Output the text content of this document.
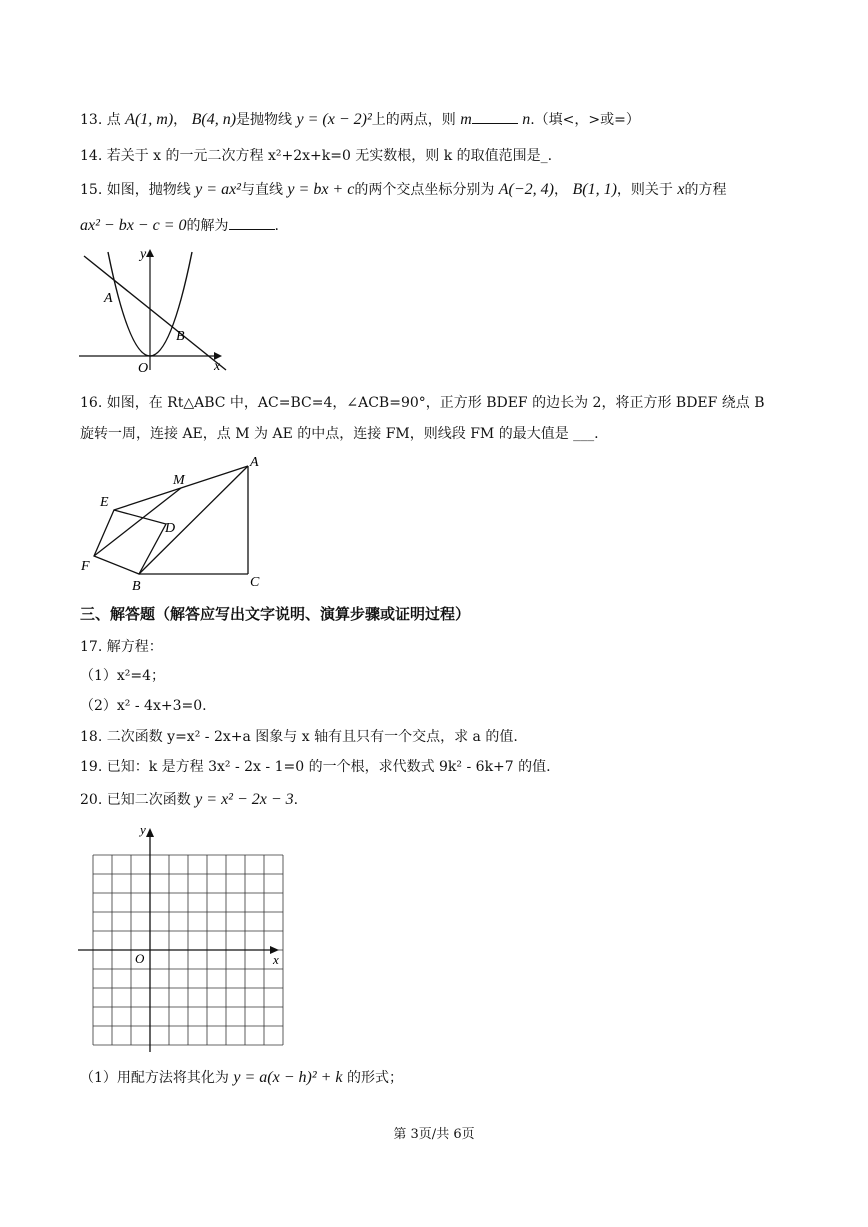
13. 点 A(1, m)， B(4, n)是抛物线 y = (x − 2)²上的两点，则 m	n.（填<，>或=）
14. 若关于 x 的一元二次方程 x²+2x+k=0 无实数根，则 k 的取值范围是_.
15. 如图，抛物线 y = ax²与直线 y = bx + c的两个交点坐标分别为 A(−2, 4)， B(1, 1)，则关于 x的方程
ax² − bx − c = 0的解为	.
y
x
A
B
O
16. 如图，在 Rt△ABC 中，AC=BC=4，∠ACB=90°，正方形 BDEF 的边长为 2，将正方形 BDEF 绕点 B
旋转一周，连接 AE，点 M 为 AE 的中点，连接 FM，则线段 FM 的最大值是 ___.
A
M
E
D
F
B	C
三、解答题（解答应写出文字说明、演算步骤或证明过程）
17. 解方程：
（1）x²=4；
（2）x² - 4x+3=0.
18. 二次函数 y=x² - 2x+a 图象与 x 轴有且只有一个交点，求 a 的值.
19. 已知：k 是方程 3x² - 2x - 1=0 的一个根，求代数式 9k² - 6k+7 的值.
20. 已知二次函数 y = x² − 2x − 3.
y
x
O
（1）用配方法将其化为 y = a(x − h)² + k 的形式；
第 3页/共 6页
